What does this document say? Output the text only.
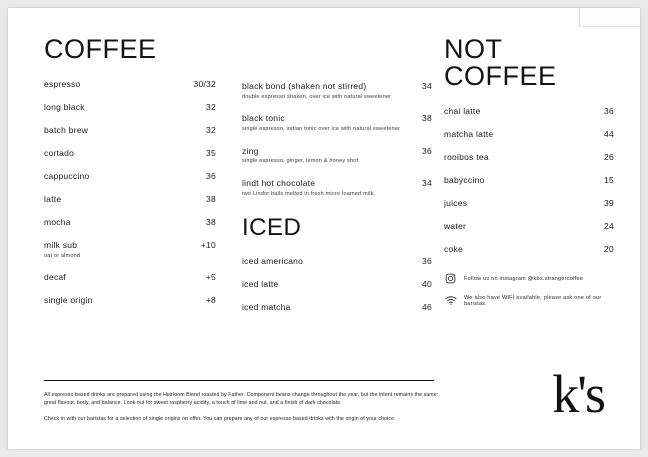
COFFEE
espresso	30/32
long black	32
batch brew	32
cortado	35
cappuccino	36
latte	38
mocha	38
milk sub	+10
oat or almond
decaf	+5
single origin	+8
black bond (shaken not stirred)	34
double espresso shaken, over ice with natural sweetener
black tonic	38
single espresso, indian tonic over ice with natural sweetener
zing	36
single espresso, ginger, lemon & honey shot
lindt hot chocolate	34
two Lindor balls melted in fresh micro foamed milk.
ICED
iced americano	36
iced latte	40
iced matcha	46
NOT COFFEE
chai latte	36
matcha latte	44
rooibos tea	26
babyccino	15
juices	39
water	24
coke	20
Follow us on instagram @kbs.strangercoffee
We also have WIFI available, please ask one of our baristas.

All espresso based drinks are prepared using the Heirloom Blend roasted by Father. Component beans change throughout the year, but the intent remains the same: great flavour, body, and balance. Look out for sweet raspberry acidity, a touch of lime and nut, and a finish of dark chocolate.

Check in with our baristas for a selection of single origins on offer. You can prepare any of our espresso based drinks with the origin of your choice.	k's
